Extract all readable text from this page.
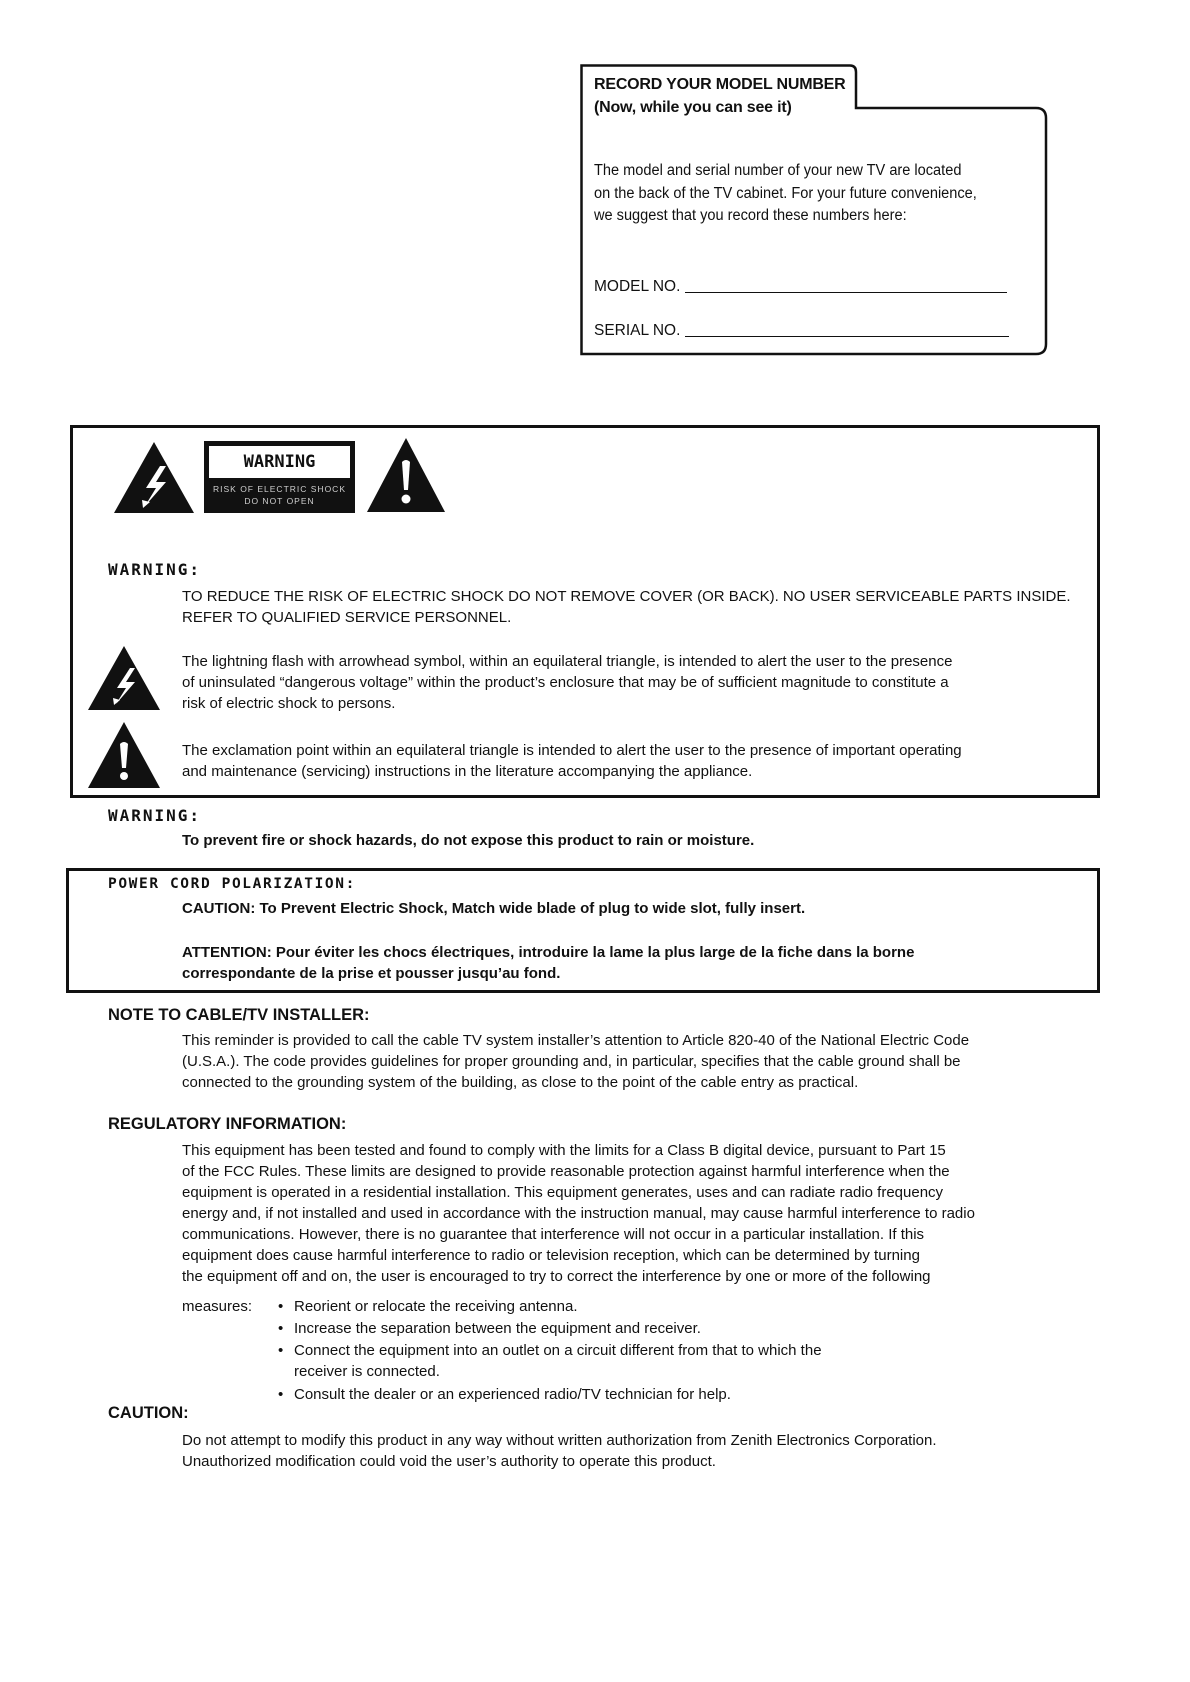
RECORD YOUR MODEL NUMBER
(Now, while you can see it)
The model and serial number of your new TV are located
on the back of the TV cabinet. For your future convenience,
we suggest that you record these numbers here:
MODEL NO.
SERIAL NO.
WARNING
RISK OF ELECTRIC SHOCK
DO NOT OPEN
WARNING:
TO REDUCE THE RISK OF ELECTRIC SHOCK DO NOT REMOVE COVER (OR BACK). NO USER SERVICEABLE PARTS INSIDE.
REFER TO QUALIFIED SERVICE PERSONNEL.
The lightning flash with arrowhead symbol, within an equilateral triangle, is intended to alert the user to the presence
of uninsulated “dangerous voltage” within the product’s enclosure that may be of sufficient magnitude to constitute a
risk of electric shock to persons.
The exclamation point within an equilateral triangle is intended to alert the user to the presence of important operating
and maintenance (servicing) instructions in the literature accompanying the appliance.
WARNING:
To prevent fire or shock hazards, do not expose this product to rain or moisture.
POWER CORD POLARIZATION:
CAUTION: To Prevent Electric Shock, Match wide blade of plug to wide slot, fully insert.
ATTENTION: Pour éviter les chocs électriques, introduire la lame la plus large de la fiche dans la borne
correspondante de la prise et pousser jusqu’au fond.
NOTE TO CABLE/TV INSTALLER:
This reminder is provided to call the cable TV system installer’s attention to Article 820-40 of the National Electric Code
(U.S.A.). The code provides guidelines for proper grounding and, in particular, specifies that the cable ground shall be
connected to the grounding system of the building, as close to the point of the cable entry as practical.
REGULATORY INFORMATION:
This equipment has been tested and found to comply with the limits for a Class B digital device, pursuant to Part 15
of the FCC Rules. These limits are designed to provide reasonable protection against harmful interference when the
equipment is operated in a residential installation. This equipment generates, uses and can radiate radio frequency
energy and, if not installed and used in accordance with the instruction manual, may cause harmful interference to radio
communications. However, there is no guarantee that interference will not occur in a particular installation. If this
equipment does cause harmful interference to radio or television reception, which can be determined by turning
the equipment off and on, the user is encouraged to try to correct the interference by one or more of the following
measures: • Reorient or relocate the receiving antenna.
• Increase the separation between the equipment and receiver.
• Connect the equipment into an outlet on a circuit different from that to which the
receiver is connected.
• Consult the dealer or an experienced radio/TV technician for help.
CAUTION:
Do not attempt to modify this product in any way without written authorization from Zenith Electronics Corporation.
Unauthorized modification could void the user’s authority to operate this product.
